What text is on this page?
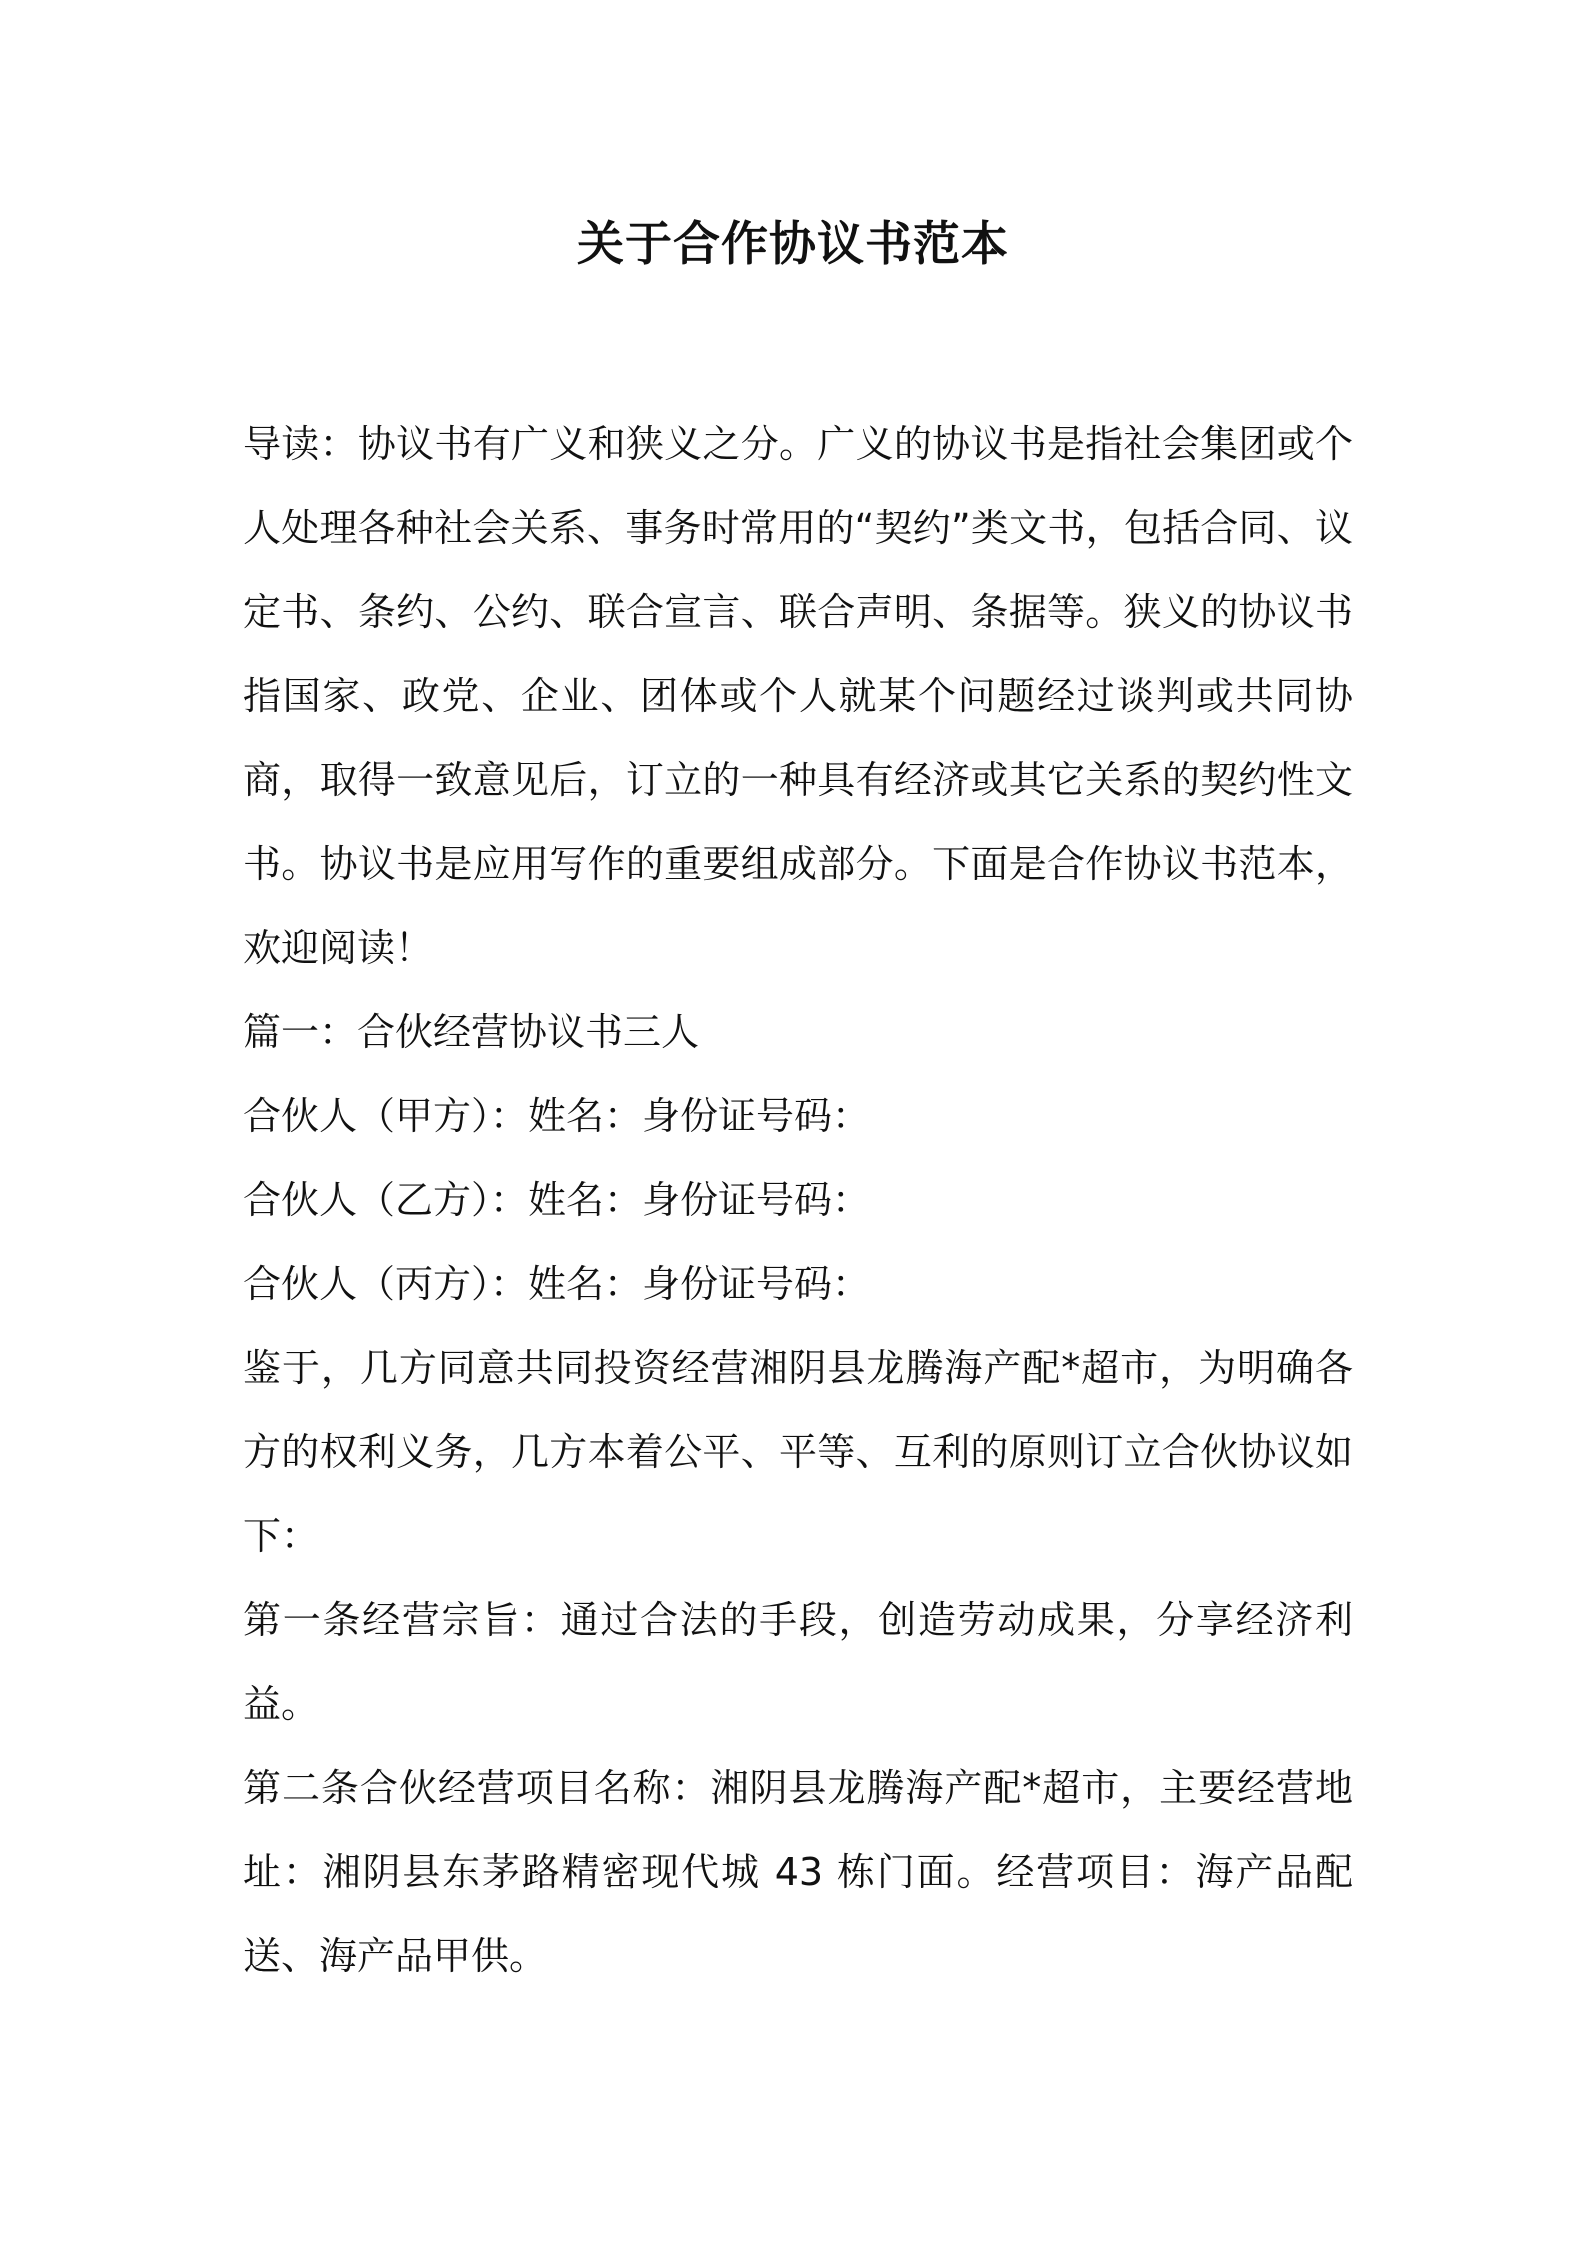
关于合作协议书范本

导读：协议书有广义和狭义之分。广义的协议书是指社会集团或个人处理各种社会关系、事务时常用的“契约”类文书，包括合同、议定书、条约、公约、联合宣言、联合声明、条据等。狭义的协议书指国家、政党、企业、团体或个人就某个问题经过谈判或共同协商，取得一致意见后，订立的一种具有经济或其它关系的契约性文书。协议书是应用写作的重要组成部分。下面是合作协议书范本，欢迎阅读！

篇一：合伙经营协议书三人

合伙人（甲方）：姓名：身份证号码：

合伙人（乙方）：姓名：身份证号码：

合伙人（丙方）：姓名：身份证号码：

鉴于，几方同意共同投资经营湘阴县龙腾海产配*超市，为明确各方的权利义务，几方本着公平、平等、互利的原则订立合伙协议如下：

第一条经营宗旨：通过合法的手段，创造劳动成果，分享经济利益。

第二条合伙经营项目名称：湘阴县龙腾海产配*超市，主要经营地址：湘阴县东茅路精密现代城 43 栋门面。经营项目：海产品配送、海产品甲供。
